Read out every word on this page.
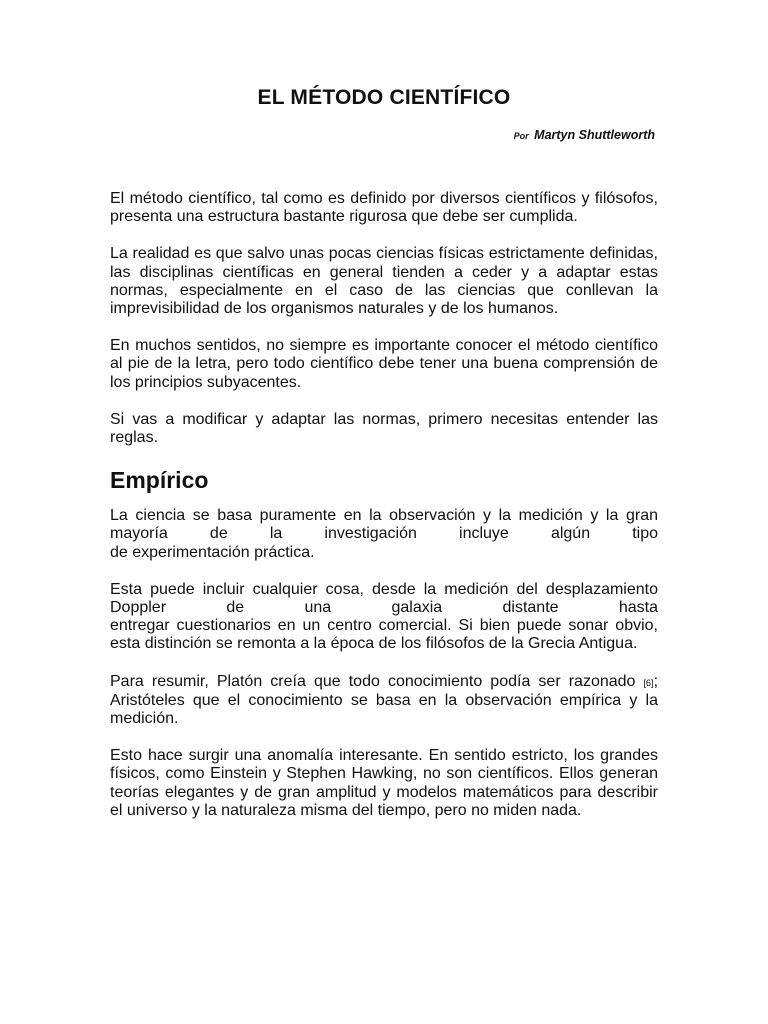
EL MÉTODO CIENTÍFICO
Por Martyn Shuttleworth

El método científico, tal como es definido por diversos científicos y filósofos, presenta una estructura bastante rigurosa que debe ser cumplida.

La realidad es que salvo unas pocas ciencias físicas estrictamente definidas, las disciplinas científicas en general tienden a ceder y a adaptar estas normas, especialmente en el caso de las ciencias que conllevan la imprevisibilidad de los organismos naturales y de los humanos.

En muchos sentidos, no siempre es importante conocer el método científico al pie de la letra, pero todo científico debe tener una buena comprensión de los principios subyacentes.

Si vas a modificar y adaptar las normas, primero necesitas entender las reglas.

Empírico

La ciencia se basa puramente en la observación y la medición y la gran mayoría de la investigación incluye algún tipo
de experimentación práctica.

Esta puede incluir cualquier cosa, desde la medición del desplazamiento Doppler de una galaxia distante hasta
entregar cuestionarios en un centro comercial. Si bien puede sonar obvio, esta distinción se remonta a la época de los filósofos de la Grecia Antigua.

Para resumir, Platón creía que todo conocimiento podía ser razonado [6]; Aristóteles que el conocimiento se basa en la observación empírica y la medición.

Esto hace surgir una anomalía interesante. En sentido estricto, los grandes físicos, como Einstein y Stephen Hawking, no son científicos. Ellos generan teorías elegantes y de gran amplitud y modelos matemáticos para describir el universo y la naturaleza misma del tiempo, pero no miden nada.
